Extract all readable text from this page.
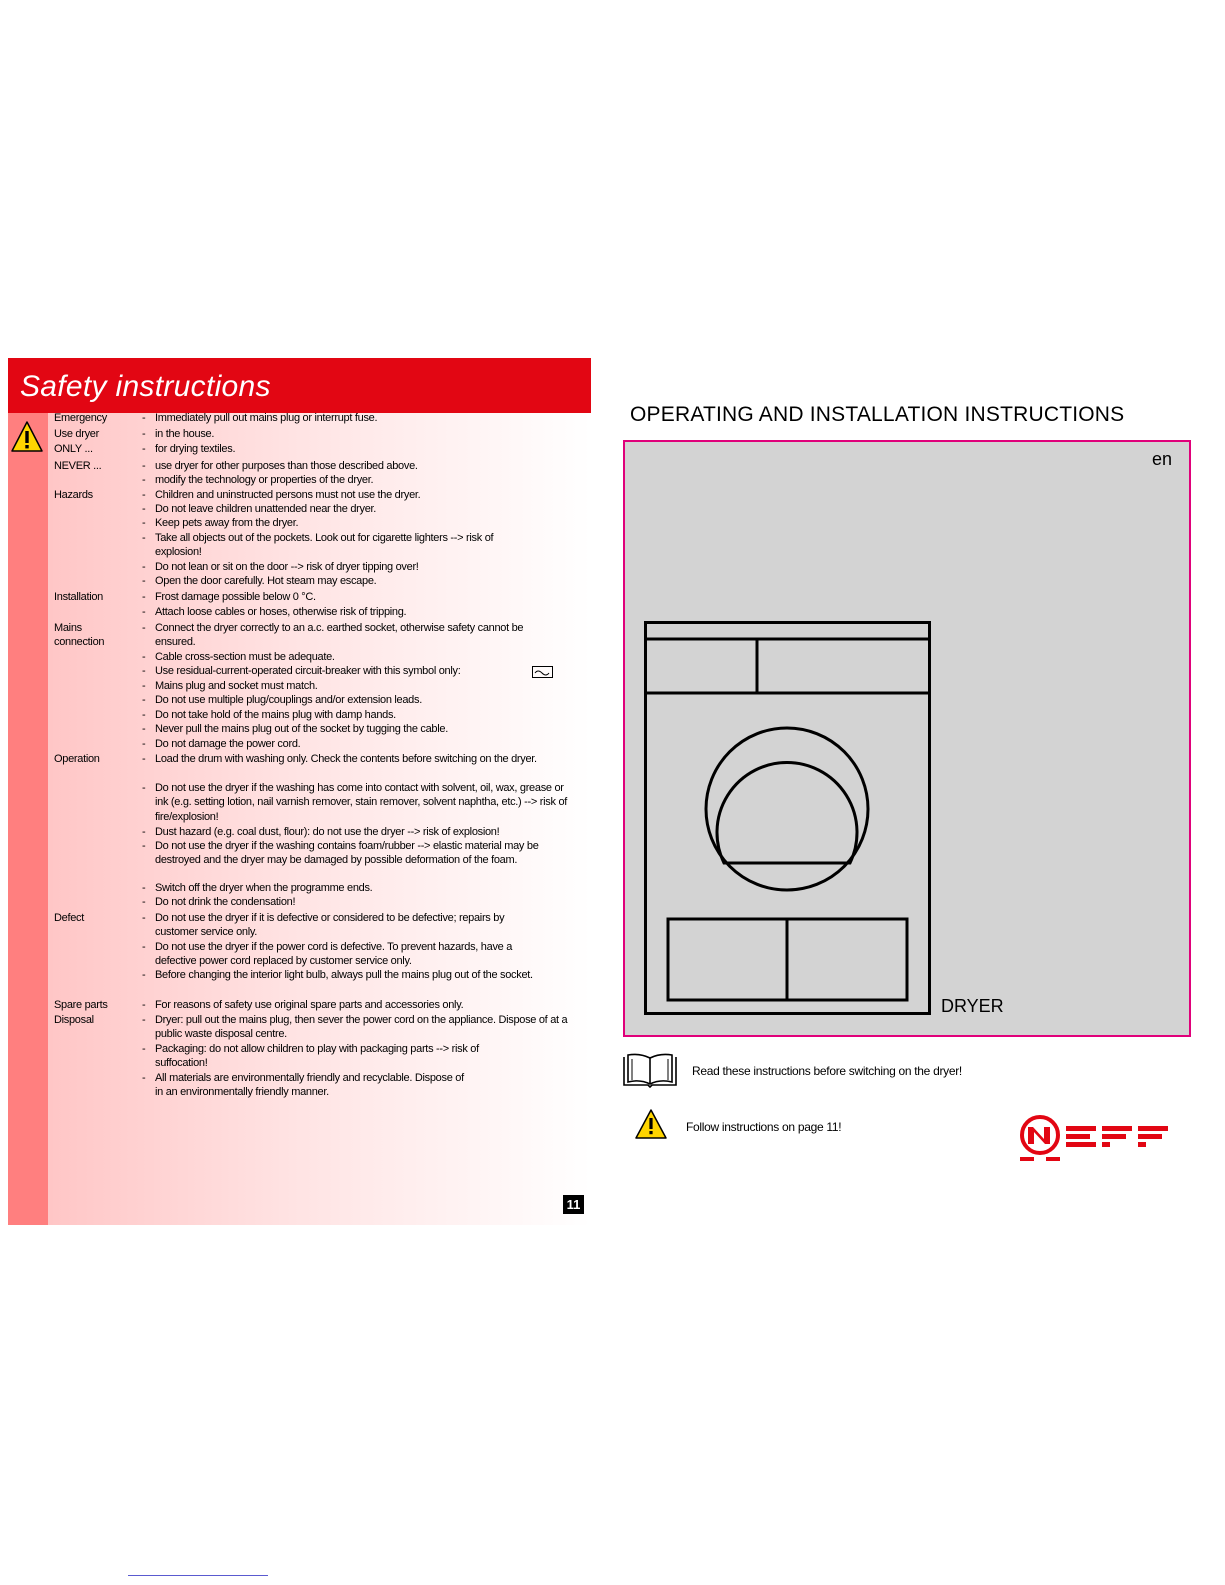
Safety instructions
Emergency
Use dryer
ONLY ...
NEVER ...
Hazards
Installation
Mains connection
Operation
Defect
Spare parts
Disposal
- Immediately pull out mains plug or interrupt fuse.
- in the house.
- for drying textiles.
- use dryer for other purposes than those described above.
- modify the technology or properties of the dryer.
- Children and uninstructed persons must not use the dryer.
- Do not leave children unattended near the dryer.
- Keep pets away from the dryer.
- Take all objects out of the pockets. Look out for cigarette lighters --> risk of explosion!
- Do not lean or sit on the door --> risk of dryer tipping over!
- Open the door carefully. Hot steam may escape.
- Frost damage possible below 0 °C.
- Attach loose cables or hoses, otherwise risk of tripping.
- Connect the dryer correctly to an a.c. earthed socket, otherwise safety cannot be ensured.
- Cable cross-section must be adequate.
- Use residual-current-operated circuit-breaker with this symbol only:
- Mains plug and socket must match.
- Do not use multiple plug/couplings and/or extension leads.
- Do not take hold of the mains plug with damp hands.
- Never pull the mains plug out of the socket by tugging the cable.
- Do not damage the power cord.
- Load the drum with washing only. Check the contents before switching on the dryer.
- Do not use the dryer if the washing has come into contact with solvent, oil, wax, grease or ink (e.g. setting lotion, nail varnish remover, stain remover, solvent naphtha, etc.) --> risk of fire/explosion!
- Dust hazard (e.g. coal dust, flour): do not use the dryer --> risk of explosion!
- Do not use the dryer if the washing contains foam/rubber --> elastic material may be destroyed and the dryer may be damaged by possible deformation of the foam.
- Switch off the dryer when the programme ends.
- Do not drink the condensation!
- Do not use the dryer if it is defective or considered to be defective; repairs by customer service only.
- Do not use the dryer if the power cord is defective. To prevent hazards, have a defective power cord replaced by customer service only.
- Before changing the interior light bulb, always pull the mains plug out of the socket.
- For reasons of safety use original spare parts and accessories only.
- Dryer: pull out the mains plug, then sever the power cord on the appliance. Dispose of at a public waste disposal centre.
- Packaging: do not allow children to play with packaging parts --> risk of suffocation!
- All materials are environmentally friendly and recyclable. Dispose of in an environmentally friendly manner.
11
OPERATING AND INSTALLATION INSTRUCTIONS
en
DRYER
Read these instructions before switching on the dryer!
Follow instructions on page 11!
